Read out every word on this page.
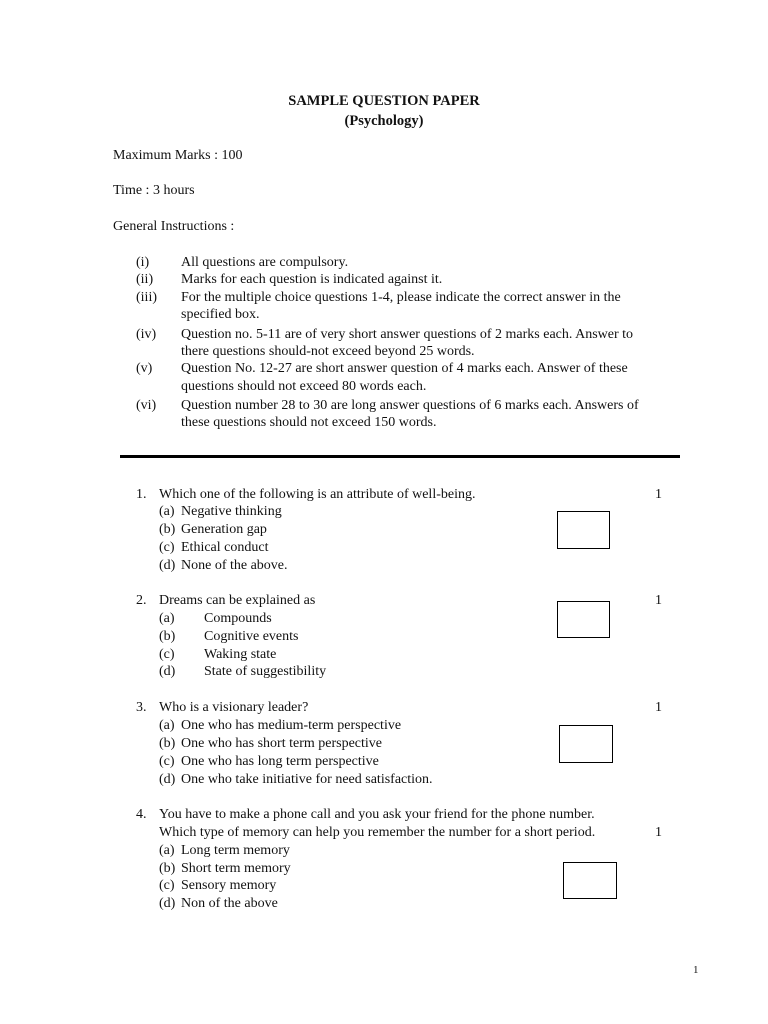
SAMPLE QUESTION PAPER
(Psychology)
Maximum Marks : 100
Time : 3 hours
General Instructions :
(i) All questions are compulsory.
(ii) Marks for each question is indicated against it.
(iii) For the multiple choice questions 1-4, please indicate the correct answer in the
specified box.
(iv) Question no. 5-11 are of very short answer questions of 2 marks each. Answer to
there questions should-not exceed beyond 25 words.
(v) Question No. 12-27 are short answer question of 4 marks each. Answer of these
questions should not exceed 80 words each.
(vi) Question number 28 to 30 are long answer questions of 6 marks each. Answers of
these questions should not exceed 150 words.
1. Which one of the following is an attribute of well-being.	1
(a) Negative thinking
(b) Generation gap
(c) Ethical conduct
(d) None of the above.
2. Dreams can be explained as	1
(a) Compounds
(b) Cognitive events
(c) Waking state
(d) State of suggestibility
3. Who is a visionary leader?	1
(a) One who has medium-term perspective
(b) One who has short term perspective
(c) One who has long term perspective
(d) One who take initiative for need satisfaction.
4. You have to make a phone call and you ask your friend for the phone number.
Which type of memory can help you remember the number for a short period.	1
(a) Long term memory
(b) Short term memory
(c) Sensory memory
(d) Non of the above
1
